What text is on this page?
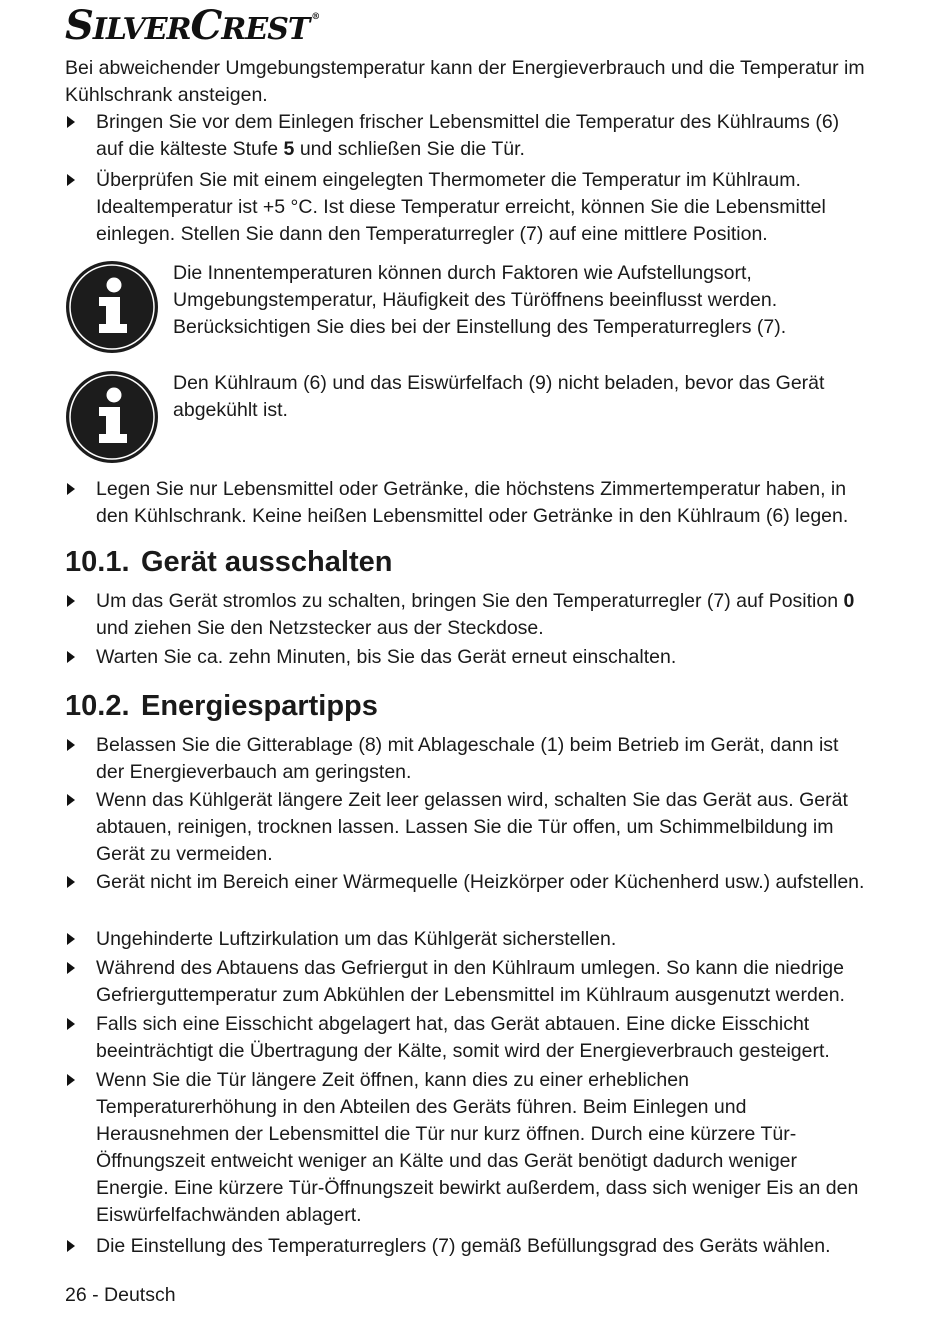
SILVERCREST ®

Bei abweichender Umgebungstemperatur kann der Energieverbrauch und die Temperatur im Kühlschrank ansteigen.

Bringen Sie vor dem Einlegen frischer Lebensmittel die Temperatur des Kühlraums (6) auf die kälteste Stufe 5 und schließen Sie die Tür.
Überprüfen Sie mit einem eingelegten Thermometer die Temperatur im Kühlraum. Idealtemperatur ist +5 °C. Ist diese Temperatur erreicht, können Sie die Lebensmittel einlegen. Stellen Sie dann den Temperaturregler (7) auf eine mittlere Position.
Die Innentemperaturen können durch Faktoren wie Aufstellungsort, Umgebungstemperatur, Häufigkeit des Türöffnens beeinflusst werden. Berücksichtigen Sie dies bei der Einstellung des Temperaturreglers (7).
Den Kühlraum (6) und das Eiswürfelfach (9) nicht beladen, bevor das Gerät abgekühlt ist.
Legen Sie nur Lebensmittel oder Getränke, die höchstens Zimmertemperatur haben, in den Kühlschrank. Keine heißen Lebensmittel oder Getränke in den Kühlraum (6) legen.
10.1. Gerät ausschalten
Um das Gerät stromlos zu schalten, bringen Sie den Temperaturregler (7) auf Position 0 und ziehen Sie den Netzstecker aus der Steckdose.
Warten Sie ca. zehn Minuten, bis Sie das Gerät erneut einschalten.
10.2. Energiespartipps
Belassen Sie die Gitterablage (8) mit Ablageschale (1) beim Betrieb im Gerät, dann ist der Energieverbauch am geringsten.
Wenn das Kühlgerät längere Zeit leer gelassen wird, schalten Sie das Gerät aus. Gerät abtauen, reinigen, trocknen lassen. Lassen Sie die Tür offen, um Schimmelbildung im Gerät zu vermeiden.
Gerät nicht im Bereich einer Wärmequelle (Heizkörper oder Küchenherd usw.) aufstellen.
Ungehinderte Luftzirkulation um das Kühlgerät sicherstellen.
Während des Abtauens das Gefriergut in den Kühlraum umlegen. So kann die niedrige Gefrierguttemperatur zum Abkühlen der Lebensmittel im Kühlraum ausgenutzt werden.
Falls sich eine Eisschicht abgelagert hat, das Gerät abtauen. Eine dicke Eisschicht beeinträchtigt die Übertragung der Kälte, somit wird der Energieverbrauch gesteigert.
Wenn Sie die Tür längere Zeit öffnen, kann dies zu einer erheblichen Temperaturerhöhung in den Abteilen des Geräts führen. Beim Einlegen und Herausnehmen der Lebensmittel die Tür nur kurz öffnen. Durch eine kürzere Tür-Öffnungszeit entweicht weniger an Kälte und das Gerät benötigt dadurch weniger Energie. Eine kürzere Tür-Öffnungszeit bewirkt außerdem, dass sich weniger Eis an den Eiswürfelfachwänden ablagert.
Die Einstellung des Temperaturreglers (7) gemäß Befüllungsgrad des Geräts wählen.
26 - Deutsch
